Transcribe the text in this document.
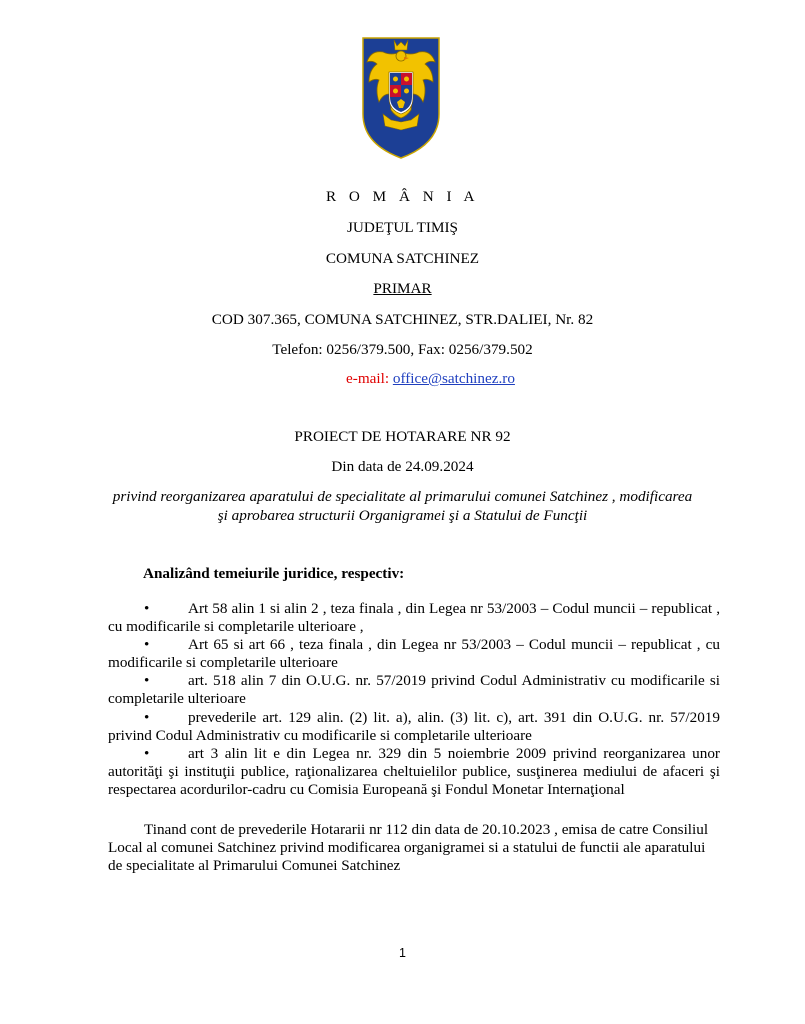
R O M Â N I A
JUDEŢUL TIMIŞ
COMUNA SATCHINEZ
PRIMAR
COD 307.365, COMUNA SATCHINEZ, STR.DALIEI, Nr. 82
Telefon: 0256/379.500, Fax: 0256/379.502
e-mail: office@satchinez.ro
PROIECT DE HOTARARE NR 92
Din data de 24.09.2024
privind reorganizarea aparatului de specialitate al primarului comunei Satchinez , modificarea
şi aprobarea structurii Organigramei şi a Statului de Funcţii
Analizând temeiurile juridice, respectiv:
•	Art 58 alin 1 si alin 2 , teza finala , din Legea nr 53/2003 – Codul muncii – republicat , cu modificarile si completarile ulterioare ,
•	Art 65 si art 66 , teza finala , din Legea nr 53/2003 – Codul muncii – republicat , cu modificarile si completarile ulterioare
•	art. 518 alin 7 din O.U.G. nr. 57/2019 privind Codul Administrativ cu modificarile si completarile ulterioare
•	prevederile art. 129 alin. (2) lit. a), alin. (3) lit. c), art. 391 din O.U.G. nr. 57/2019 privind Codul Administrativ cu modificarile si completarile ulterioare
•	art 3 alin lit e din Legea nr. 329 din 5 noiembrie 2009 privind reorganizarea unor autorităţi şi instituţii publice, raţionalizarea cheltuielilor publice, susţinerea mediului de afaceri şi respectarea acordurilor-cadru cu Comisia Europeană şi Fondul Monetar Internaţional
Tinand cont de prevederile Hotararii nr 112 din data de 20.10.2023 , emisa de catre Consiliul Local al comunei Satchinez privind modificarea organigramei si a statului de functii ale aparatului de specialitate al Primarului Comunei Satchinez
1
